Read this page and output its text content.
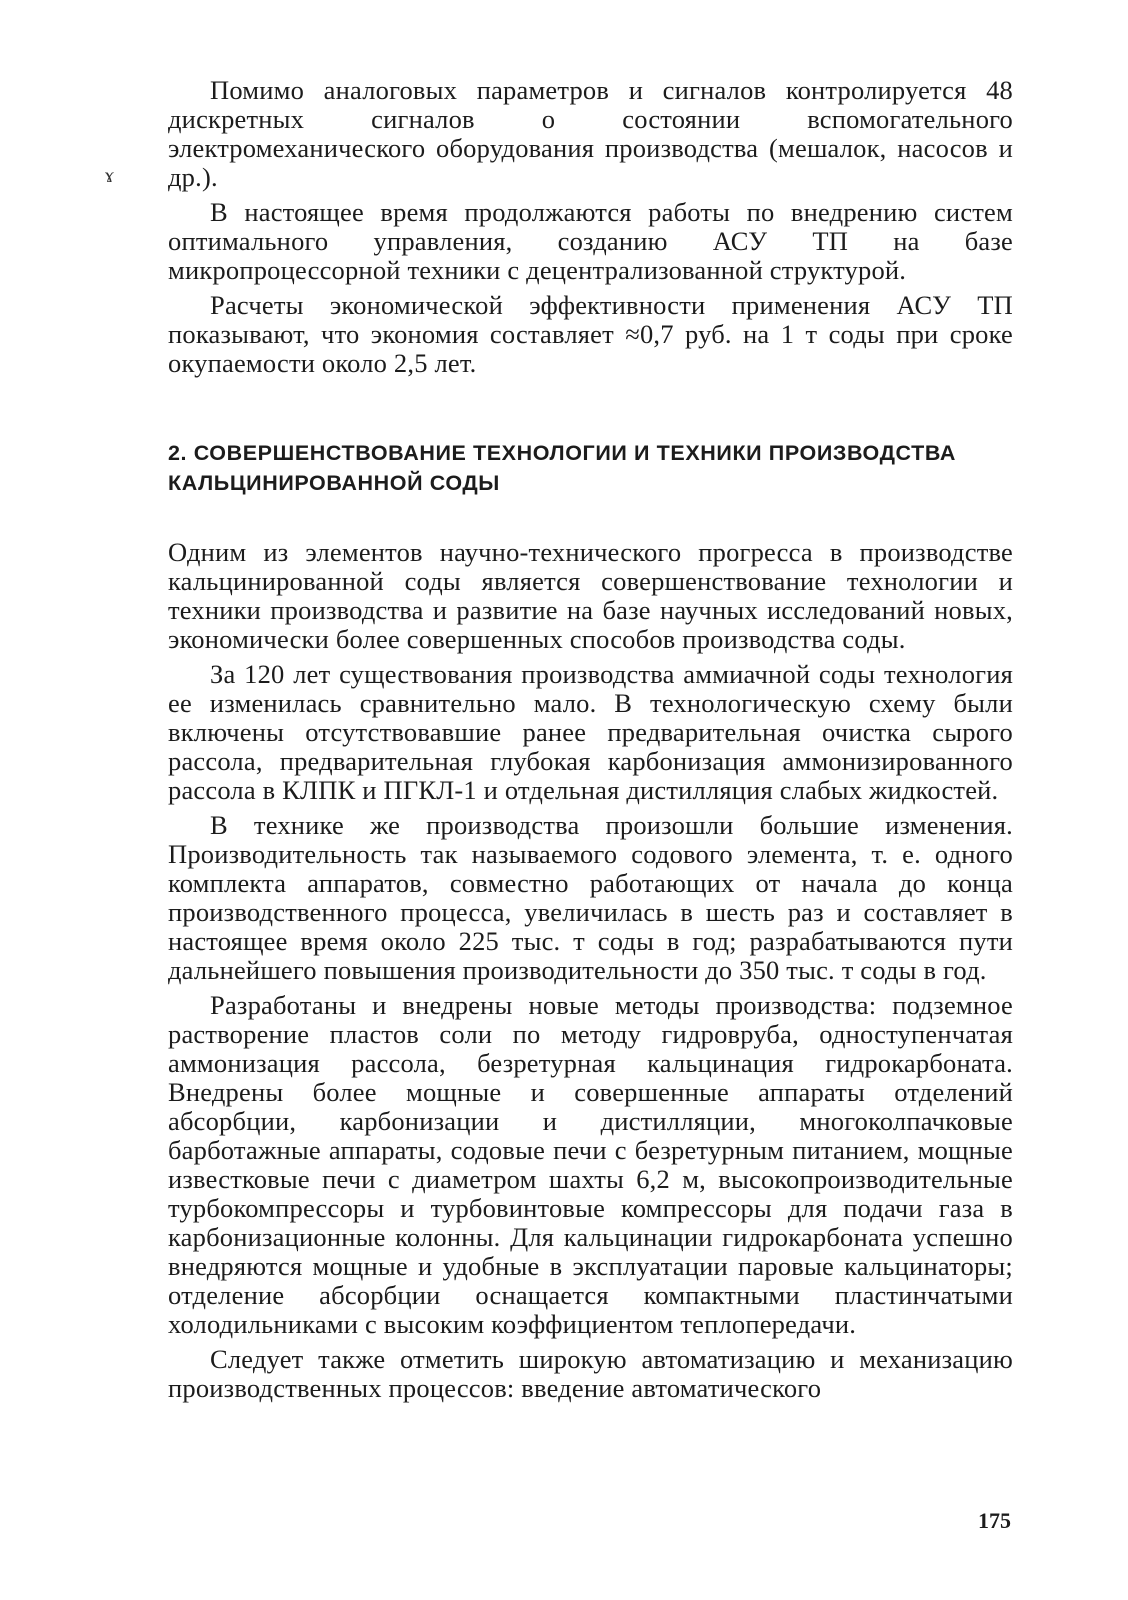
ɤ

Помимо аналоговых параметров и сигналов контролируется 48 дискретных сигналов о состоянии вспомогательного электромеханического оборудования производства (мешалок, насосов и др.).

В настоящее время продолжаются работы по внедрению систем оптимального управления, созданию АСУ ТП на базе микропроцессорной техники с децентрализованной структурой.

Расчеты экономической эффективности применения АСУ ТП показывают, что экономия составляет ≈0,7 руб. на 1 т соды при сроке окупаемости около 2,5 лет.

2. СОВЕРШЕНСТВОВАНИЕ ТЕХНОЛОГИИ И ТЕХНИКИ ПРОИЗВОДСТВА КАЛЬЦИНИРОВАННОЙ СОДЫ

Одним из элементов научно-технического прогресса в производстве кальцинированной соды является совершенствование технологии и техники производства и развитие на базе научных исследований новых, экономически более совершенных способов производства соды.

За 120 лет существования производства аммиачной соды технология ее изменилась сравнительно мало. В технологическую схему были включены отсутствовавшие ранее предварительная очистка сырого рассола, предварительная глубокая карбонизация аммонизированного рассола в КЛПК и ПГКЛ-1 и отдельная дистилляция слабых жидкостей.

В технике же производства произошли большие изменения. Производительность так называемого содового элемента, т. е. одного комплекта аппаратов, совместно работающих от начала до конца производственного процесса, увеличилась в шесть раз и составляет в настоящее время около 225 тыс. т соды в год; разрабатываются пути дальнейшего повышения производительности до 350 тыс. т соды в год.

Разработаны и внедрены новые методы производства: подземное растворение пластов соли по методу гидроврубa, одноступенчатая аммонизация рассола, безретурная кальцинация гидрокарбоната. Внедрены более мощные и совершенные аппараты отделений абсорбции, карбонизации и дистилляции, многоколпачковые барботажные аппараты, содовые печи с безретурным питанием, мощные известковые печи с диаметром шахты 6,2 м, высокопроизводительные турбокомпрессоры и турбовинтовые компрессоры для подачи газа в карбонизационные колонны. Для кальцинации гидрокарбоната успешно внедряются мощные и удобные в эксплуатации паровые кальцинаторы; отделение абсорбции оснащается компактными пластинчатыми холодильниками с высоким коэффициентом теплопередачи.

Следует также отметить широкую автоматизацию и механизацию производственных процессов: введение автоматического

175
